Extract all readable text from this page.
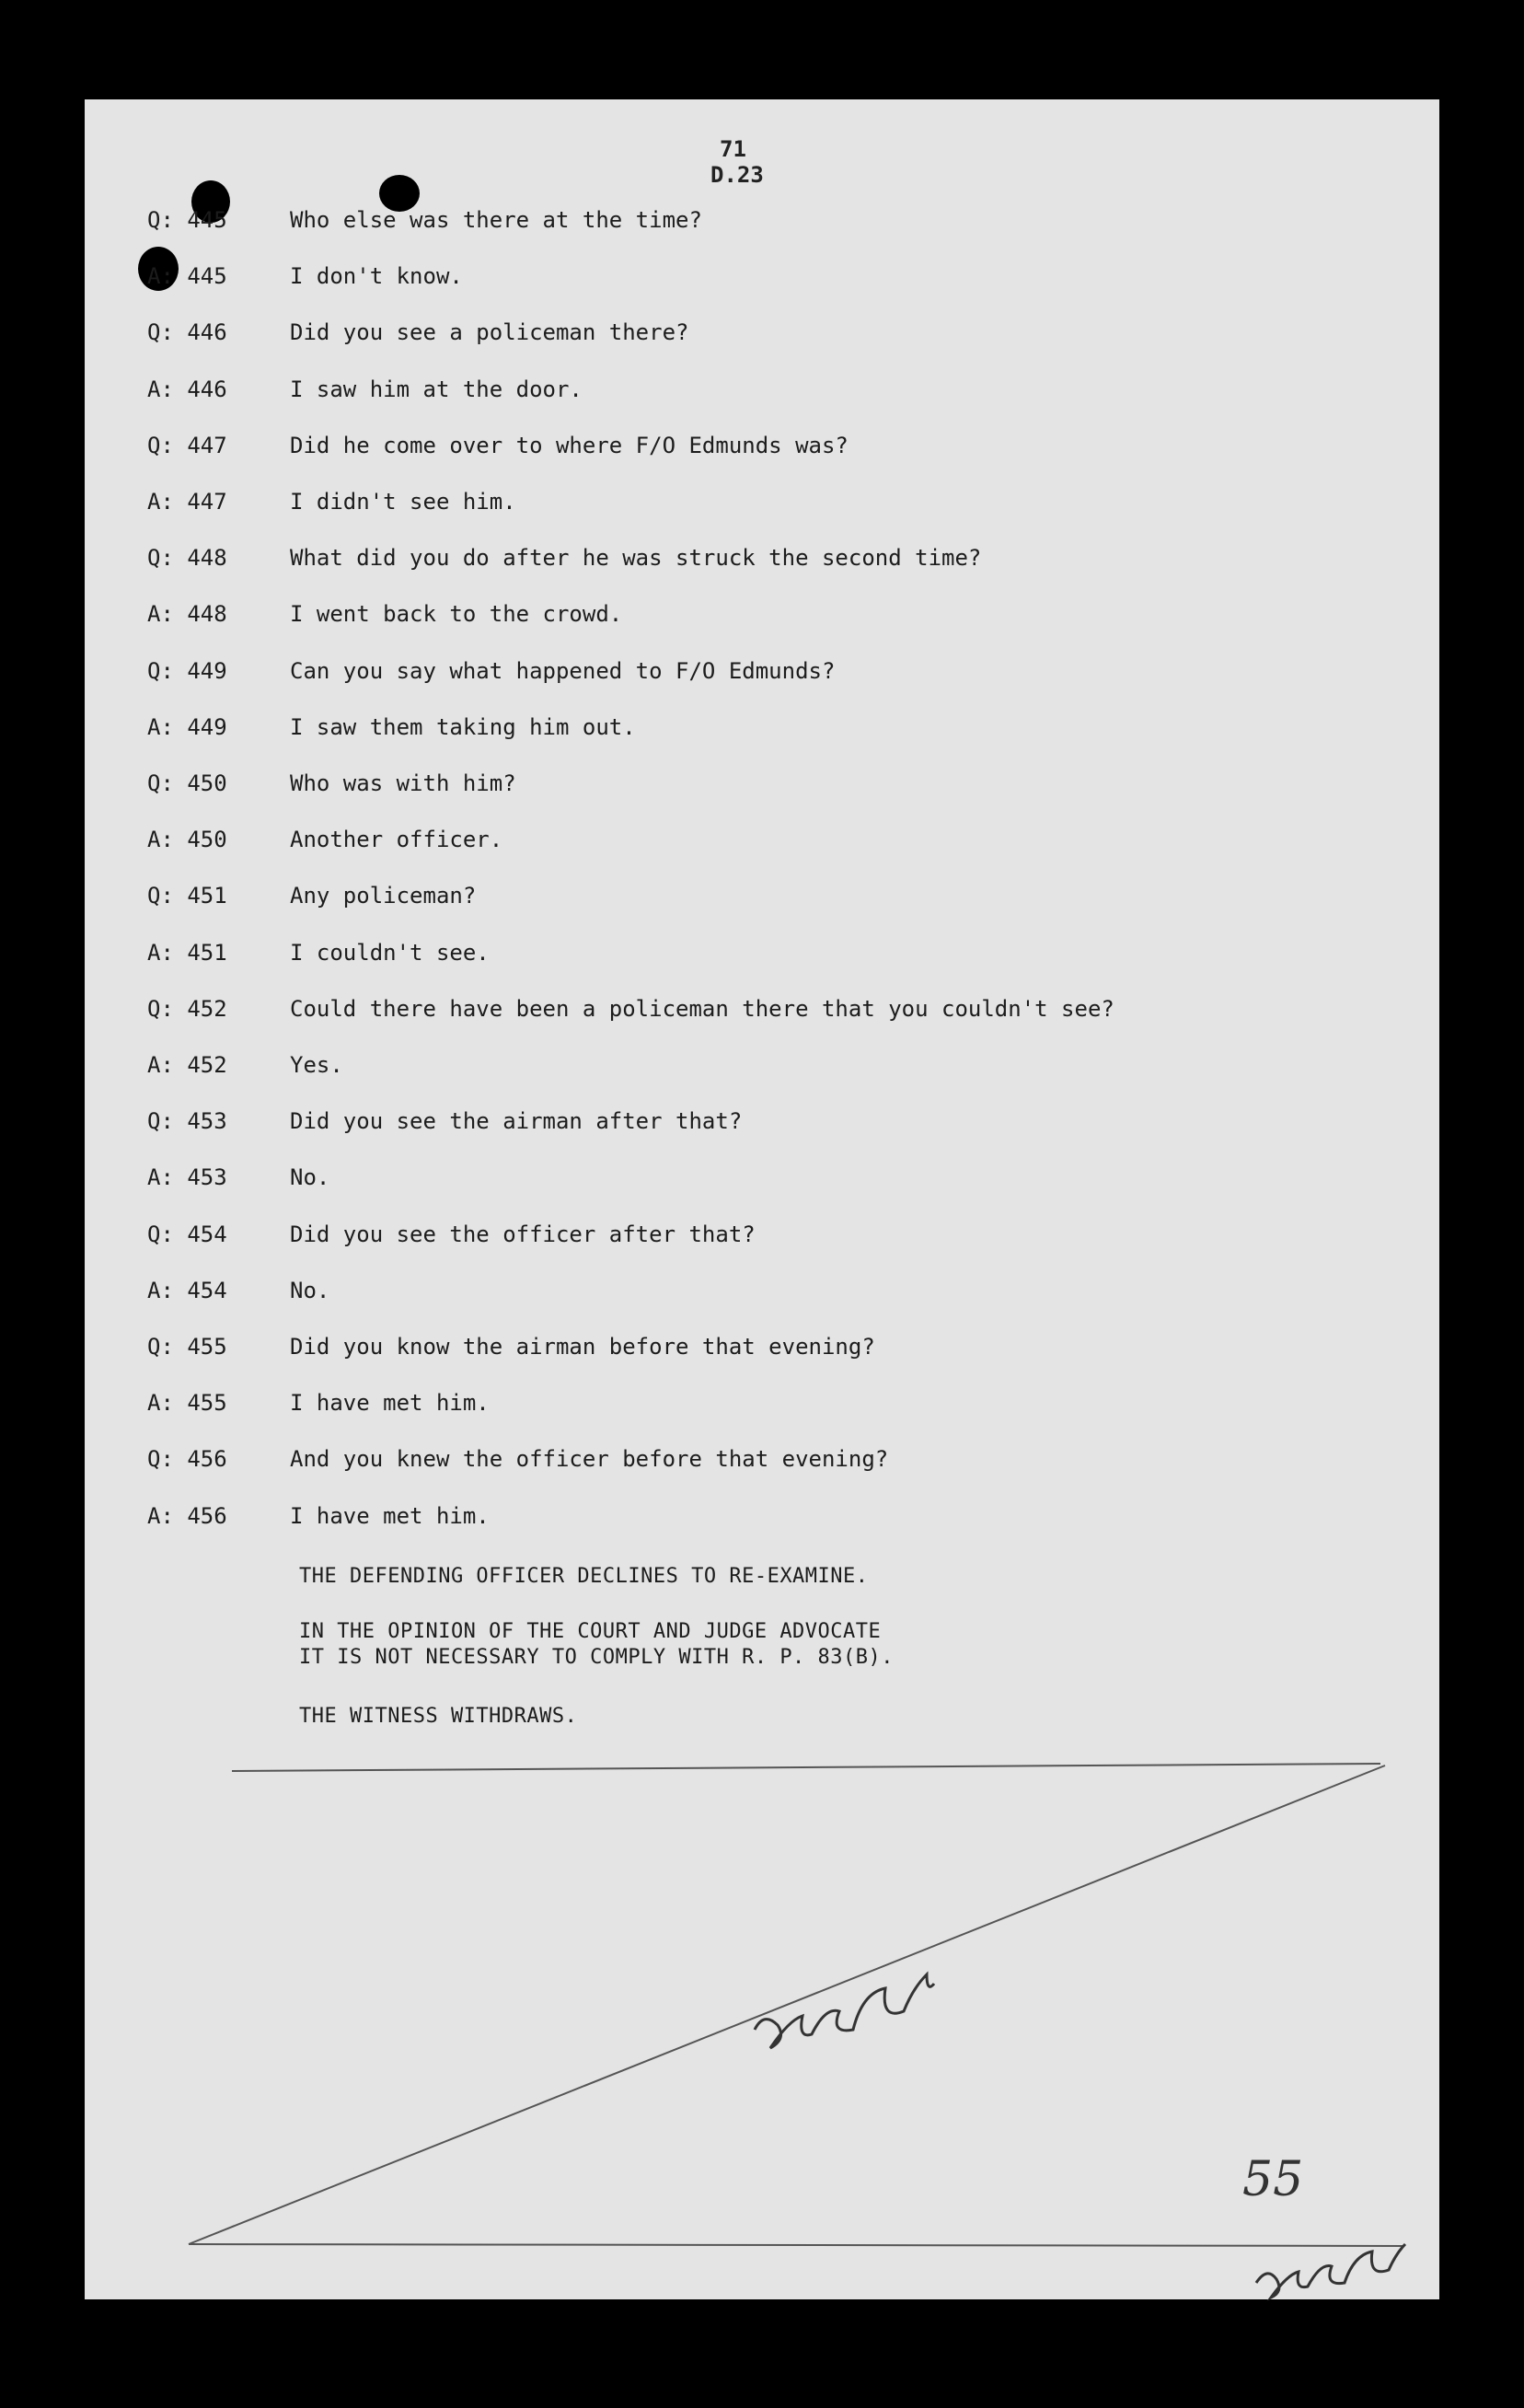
71
D.23
Q: 445	Who else was there at the time?
A: 445	I don't know.
Q: 446	Did you see a policeman there?
A: 446	I saw him at the door.
Q: 447	Did he come over to where F/O Edmunds was?
A: 447	I didn't see him.
Q: 448	What did you do after he was struck the second time?
A: 448	I went back to the crowd.
Q: 449	Can you say what happened to F/O Edmunds?
A: 449	I saw them taking him out.
Q: 450	Who was with him?
A: 450	Another officer.
Q: 451	Any policeman?
A: 451	I couldn't see.
Q: 452	Could there have been a policeman there that you couldn't see?
A: 452	Yes.
Q: 453	Did you see the airman after that?
A: 453	No.
Q: 454	Did you see the officer after that?
A: 454	No.
Q: 455	Did you know the airman before that evening?
A: 455	I have met him.
Q: 456	And you knew the officer before that evening?
A: 456	I have met him.
THE DEFENDING OFFICER DECLINES TO RE-EXAMINE.
IN THE OPINION OF THE COURT AND JUDGE ADVOCATE
IT IS NOT NECESSARY TO COMPLY WITH R. P. 83(B).
THE WITNESS WITHDRAWS.
55
